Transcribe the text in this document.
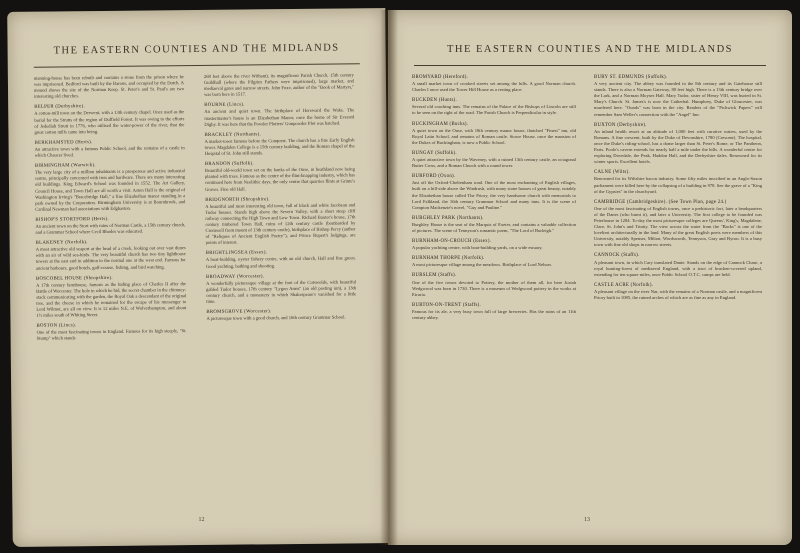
THE EASTERN COUNTIES AND THE MIDLANDS
manning-house has been rebuilt and contains a stone from the prison where he was imprisoned. Bedford was built by the Barons, and occupied by the Dutch. A mound shows the site of the Norman Keep. St. Peter's and St. Paul's are two interesting old churches.
BELPER (Derbyshire).
A cotton-mill town on the Derwent, with a 13th century chapel. Once used as the burial for the Strutts of the region of Duffield Forest. It was owing to the efforts of Jedediah Strutt in 1776, who utilised the water-power of the river, that the great cotton mills came into being.
BERKHAMSTED (Herts).
An attractive town with a famous Public School, and the remains of a castle in which Chaucer lived.
BIRMINGHAM (Warwick).
The very large city of a million inhabitants is a prosperous and active industrial centre, principally concerned with iron and hardware. There are many interesting old buildings. King Edward's School was founded in 1552. The Art Gallery, Council House, and Town Hall are all worth a visit. Aston Hall is the original of Washington Irving's "Bracebridge Hall," a fine Elizabethan manor standing in a park owned by the Corporation. Birmingham University is at Bournbrook, and Cardinal Newman had associations with Edgbaston.
BISHOP'S STORTFORD (Herts).
An ancient town on the Stort with ruins of Norman Castle, a 15th century church, and a Grammar School where Cecil Rhodes was educated.
BLAKENEY (Norfolk).
A most attractive old seaport at the head of a creek, looking out over vast dunes with an air of wild sea-birds. The very beautiful church has two tiny lighthouse towers at the east end in addition to the normal one at the west end. Famous for ancient harbours, good hotels, golf-course, fishing, and bird watching.
BOSCOBEL HOUSE (Shropshire).
A 17th century farmhouse, famous as the hiding place of Charles II after the Battle of Worcester. The hole in which he hid, the secret chamber in the chimney-stack communicating with the garden, the Royal Oak a descendant of the original tree, and the cheese in which he remained for the escape of his messenger to Lord Wilmot, are all on view. It is 12 miles N.E. of Wolverhampton, and about 1½ miles south of Whiting Street.
BOSTON (Lincs).
One of the most fascinating towns in England. Famous for its high steeple, "St. Stump" which stands
268 feet above the river Witham), its magnificent Parish Church, 15th century Guildhall (where the Pilgrim Fathers were imprisoned), large market, and mediaeval gates and narrow streets. John Foxe, author of the "Book of Martyrs," was born here in 1517.
BOURNE (Lincs).
An ancient and quiet town. The birthplace of Hereward the Wake. The mastermaster's house is an Elizabethan Manor, once the home of Sir Everard Digby. It was here that the Powder Plotters' Gunpowder Plot was hatched.
BRACKLEY (Northants).
A market-town famous before the Conquest. The church has a fine Early English tower. Magdalen College is a 15th century building, and the Roman chapel of the Hospital of St. John still stands.
BRANDON (Suffolk).
Beautiful old-world town set on the banks of the Ouse, in heathland now being planted with trees. Famous as the centre of the flint-knapping industry, which has continued here from Neolithic days, the only centre that quarries flints at Grime's Graves. Fine old Hall.
BRIDGNORTH (Shropshire).
A beautiful and most interesting old town, full of black and white Jacobean and Tudor houses. Stands high above the Severn Valley, with a short steep cliff railway connecting the High Town and Low Town. Richard Baxter's house, 17th century timbered Town Hall, ruins of 12th century castle (bombarded by Cromwell from mount of 13th century castle), birthplace of Bishop Percy (author of "Reliques of Ancient English Poetry"), and Prince Rupert's lodgings, are points of interest.
BRIGHTLINGSEA (Essex).
A boat-building, oyster fishery centre, with an old church, Hall and fine green. Good yachting, bathing and shooting.
BROADWAY (Worcester).
A wonderfully picturesque village at the foot of the Cotswolds, with beautiful gabled Tudor houses, 17th century "Lygon Arms" (an old posting inn), a 13th century church, and a monastery in which Shakespeare's vanished for a little time.
BROMSGROVE (Worcester).
A picturesque town with a good church, and 16th century Grammar School.
12
THE EASTERN COUNTIES AND THE MIDLANDS
BROMYARD (Hereford).
A small market town of crooked streets set among the hills. A good Norman church. Charles I once used the Tower Hill House as a resting place.
BUCKDEN (Hunts).
Several old coaching inns. The remains of the Palace of the Bishops of Lincoln are still to be seen on the right of the road. The Parish Church is Perpendicular in style.
BUCKINGHAM (Bucks).
A quiet town on the Ouse, with 18th century manor house, thatched "Finest" inn, old Royal Latin School, and remains of Roman castle. Stowe House, once the mansion of the Dukes of Buckingham, is now a Public School.
BUNGAY (Suffolk).
A quiet attractive town by the Waveney, with a ruined 13th century castle, an octagonal Butter Cross, and a Roman Church with a round tower.
BURFORD (Oxon).
Just off the Oxford-Cheltenham road. One of the most enchanting of English villages, built on a hill-side above the Windrush, with many stone houses of great beauty, notably the Elizabethan house called The Priory, the very handsome church with memorials to Lord Falkland, the 16th century Grammar School and many inns. It is the scene of Compton Mackenzie's novel, "Guy and Pauline."
BURGHLEY PARK (Northants).
Burghley House is the seat of the Marquis of Exeter, and contains a valuable collection of pictures. The scene of Tennyson's romantic poem, "The Lord of Burleigh."
BURNHAM-ON-CROUCH (Essex).
A popular yachting centre, with boat-building yards, on a wide estuary.
BURNHAM THORPE (Norfolk).
A most picturesque village among the meadows. Birthplace of Lord Nelson.
BURSLEM (Staffs).
One of the five towns devoted to Pottery, the mother of them all, for here Josiah Wedgwood was born in 1730. There is a museum of Wedgwood pottery in the works at Etruria.
BURTON-ON-TRENT (Staffs).
Famous for its ale, a very busy town full of large breweries. Has the ruins of an 11th century abbey.
BURY ST. EDMUNDS (Suffolk).
A very ancient city. The abbey was founded in the 8th century and its Gatehouse still stands. There is also a Norman Gateway, 80 feet high. There is a 13th century bridge over the Lark, and a Norman Moyses Hall. Mary Tudor, sister of Henry VIII, was buried in St. Mary's Church. St. James's is now the Cathedral. Humphrey, Duke of Gloucester, was murdered here. "Ounds" was born in the city. Readers of the "Pickwick Papers" will remember Sam Weller's connection with the "Angel" Inn.
BUXTON (Derbyshire).
An inland health resort at an altitude of 1,000 feet with curative waters, used by the Romans. A fine crescent, built by the Duke of Devonshire, 1780 (Crescent). The hospital, once the Duke's riding-school, has a dome larger than St. Peter's Rome, or The Pantheon, Paris. Poole's cavern extends for nearly half a mile under the hills. A wonderful centre for exploring Dovedale, the Peak, Haddon Hall, and the Derbyshire dales. Renowned for its winter sports. Excellent hotels.
CALNE (Wilts).
Renowned for its Wiltshire bacon industry. Some fifty miles inscribed in an Anglo-Saxon parliament were killed here by the collapsing of a building in 978. See the grave of a "King of the Gypsies" in the churchyard.
CAMBRIDGE (Cambridgeshire). (See Town Plan, page 24.)
One of the most fascinating of English towns, once a prehistoric fort, later a headquarters of the Danes (who burnt it), and later a University. The first college to be founded was Peterhouse in 1284. To-day the most picturesque colleges are Queens', King's, Magdalene, Clare, St. John's and Trinity. The view across the water from the "Backs" is one of the loveliest architecturally in the land. Many of the great English poets were members of this University, notably Spenser, Milton, Wordsworth, Tennyson, Gray and Byron. It is a busy town with fine old shops in narrow streets.
CANNOCK (Staffs).
A pleasant town, in which Cary translated Dante. Stands on the edge of Cannock Chase, a royal hunting-forest of mediaeval England, with a tract of bracken-covered upland, extending for ten square miles, once Public School O.T.C. camps are held.
CASTLE ACRE (Norfolk).
A pleasant village on the river Nar, with the remains of a Norman castle, and a magnificent Priory built in 1085, the ruined arches of which are as fine as any in England.
13
